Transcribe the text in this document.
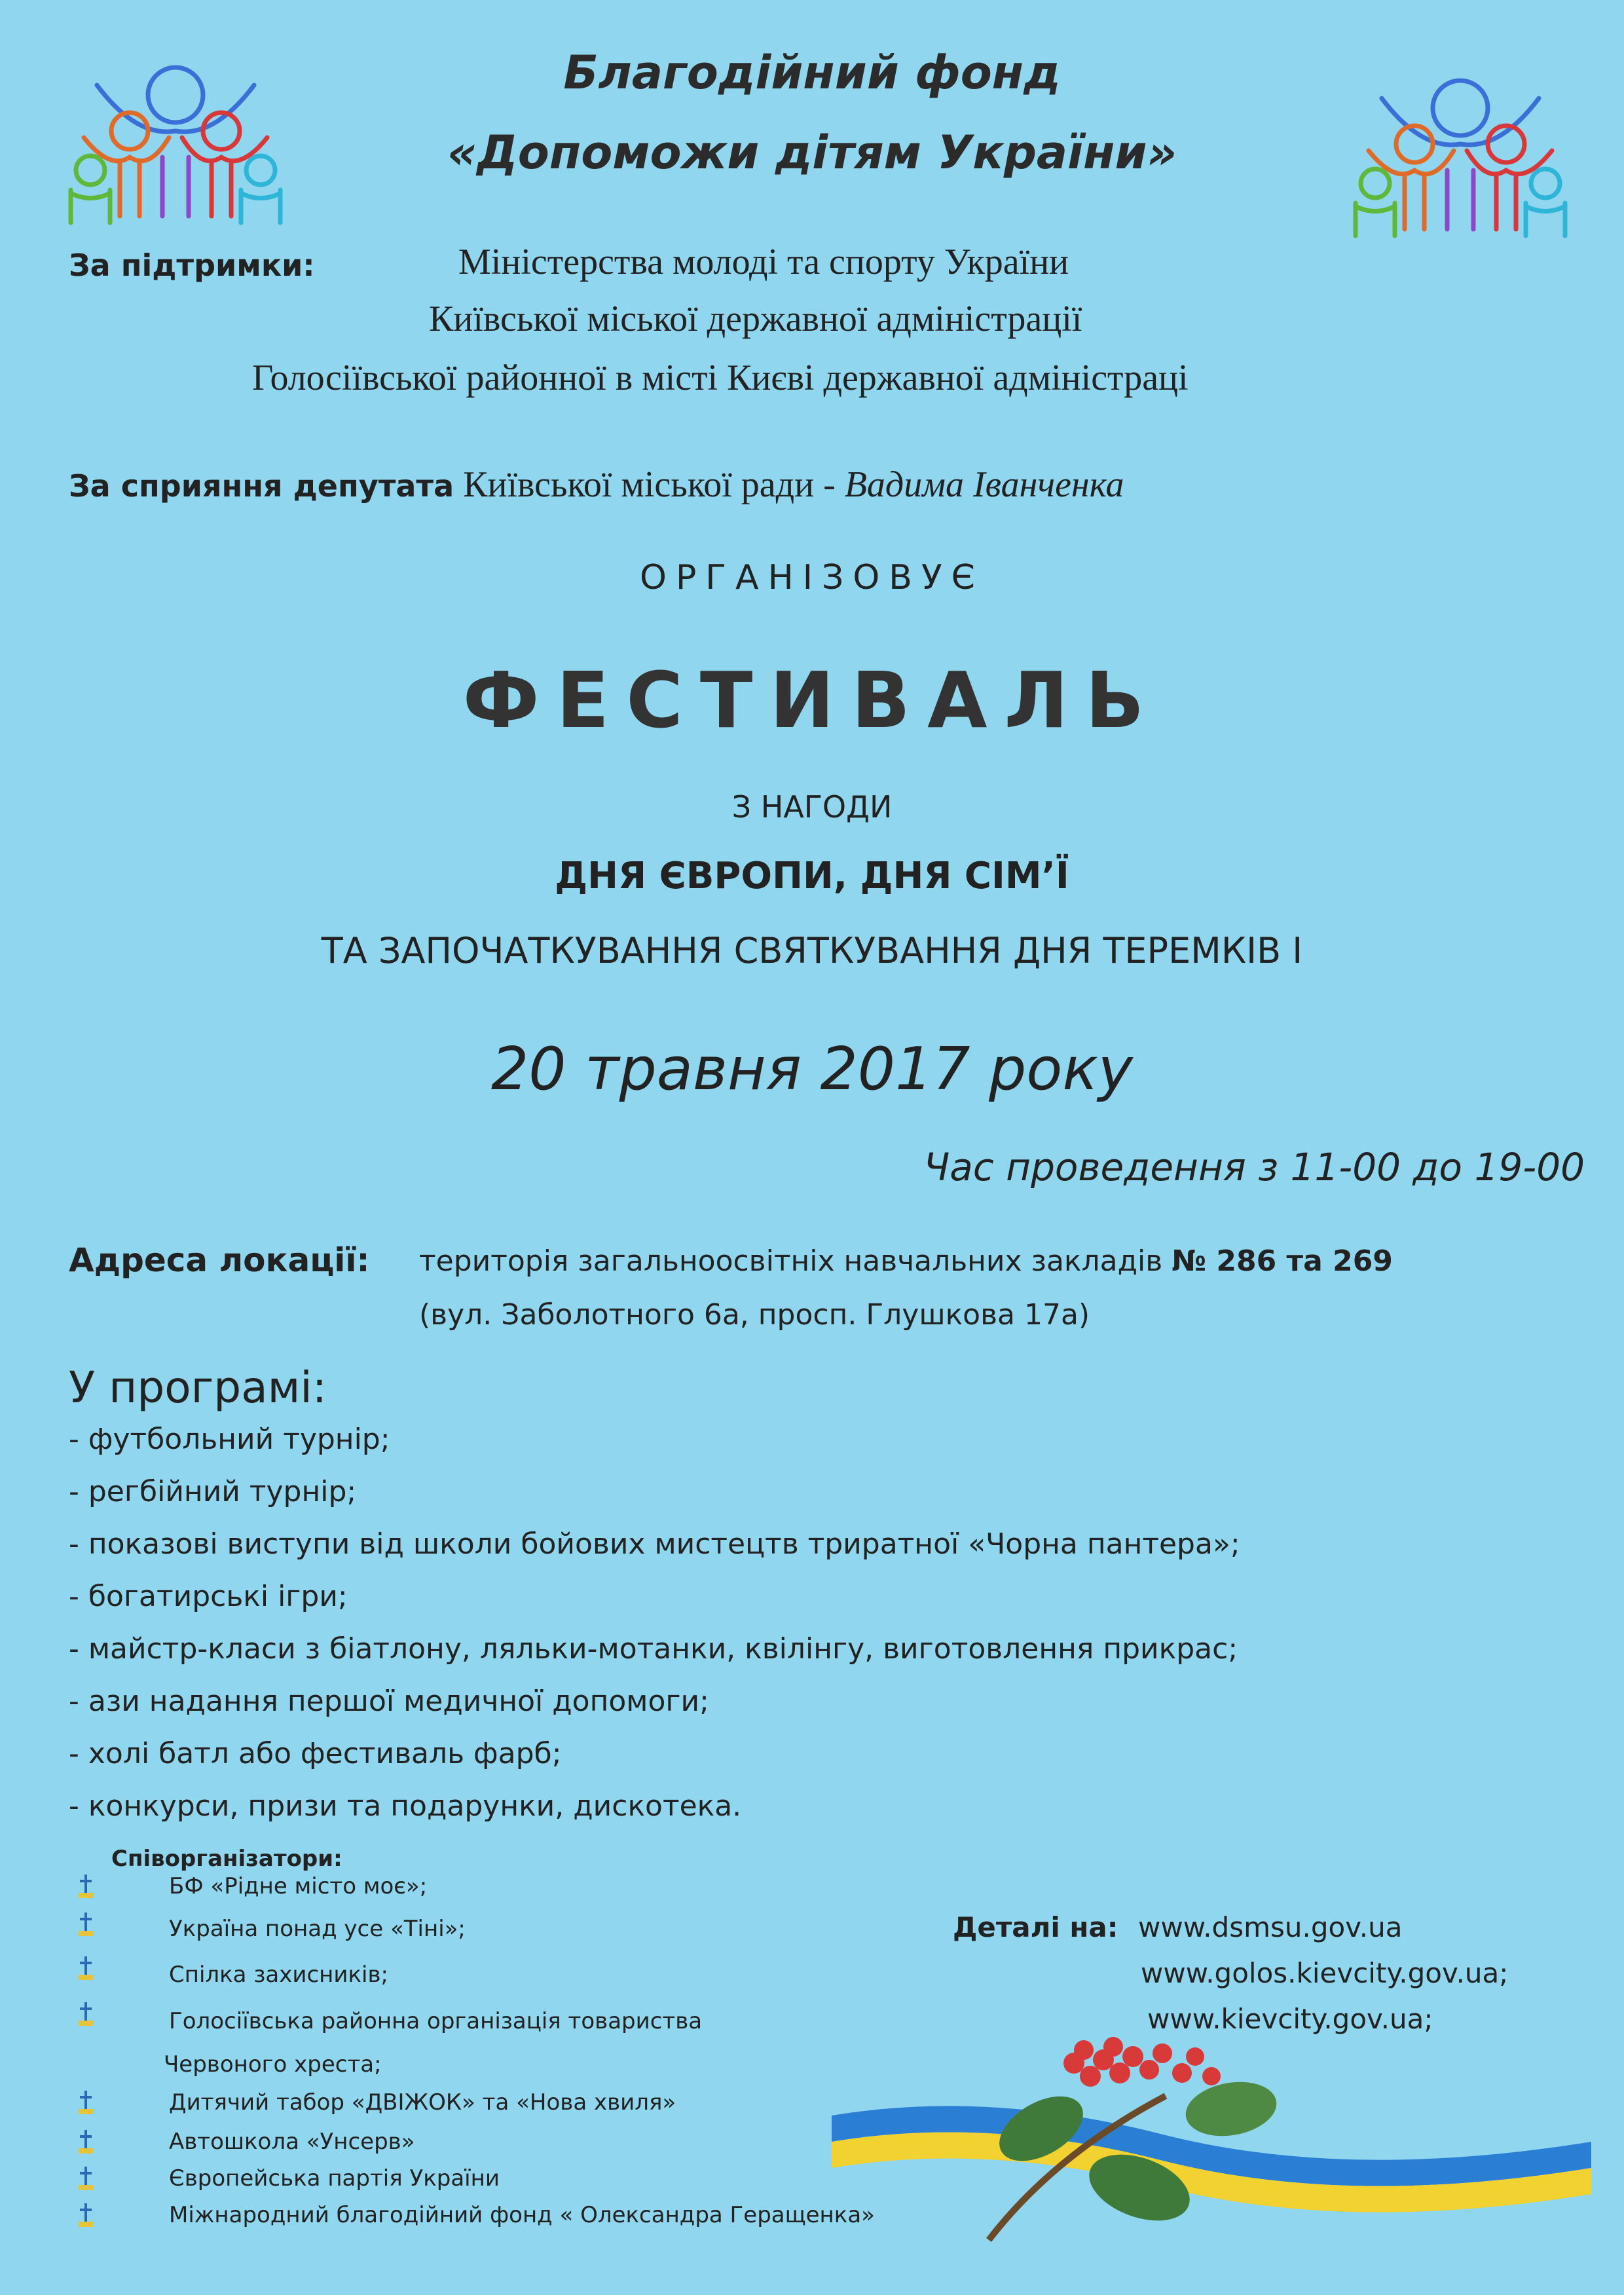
Благодійний фонд
«Допоможи дітям України»
За підтримки:	Міністерства молоді та спорту України
Київської міської державної адміністрації
Голосіївської районної в місті Києві державної адміністраці
За сприяння депутата Київської міської ради - Вадима Іванченка
ОРГАНІЗОВУЄ
ФЕСТИВАЛЬ
З НАГОДИ
ДНЯ ЄВРОПИ, ДНЯ СІМ’Ї
ТА ЗАПОЧАТКУВАННЯ СВЯТКУВАННЯ ДНЯ ТЕРЕМКІВ І
20 травня 2017 року
Час проведення з 11-00 до 19-00
Адреса локації: територія загальноосвітніх навчальних закладів № 286 та 269
(вул. Заболотного 6а, просп. Глушкова 17а)
У програмі:
- футбольний турнір;
- регбійний турнір;
- показові виступи від школи бойових мистецтв триратної «Чорна пантера»;
- богатирські ігри;
- майстр-класи з біатлону, ляльки-мотанки, квілінгу, виготовлення прикрас;
- ази надання першої медичної допомоги;
- холі батл або фестиваль фарб;
- конкурси, призи та подарунки, дискотека.
Співорганізатори:
БФ «Рідне місто моє»;
Україна понад усе «Тіні»;
Спілка захисників;
Голосіївська районна організація товариства
Червоного хреста;
Дитячий табор «ДВІЖОК» та «Нова хвиля»
Автошкола «Унсерв»
Європейська партія України
Міжнародний благодійний фонд « Олександра Геращенка»
Деталі на: www.dsmsu.gov.ua
www.golos.kievcity.gov.ua;
www.kievcity.gov.ua;
